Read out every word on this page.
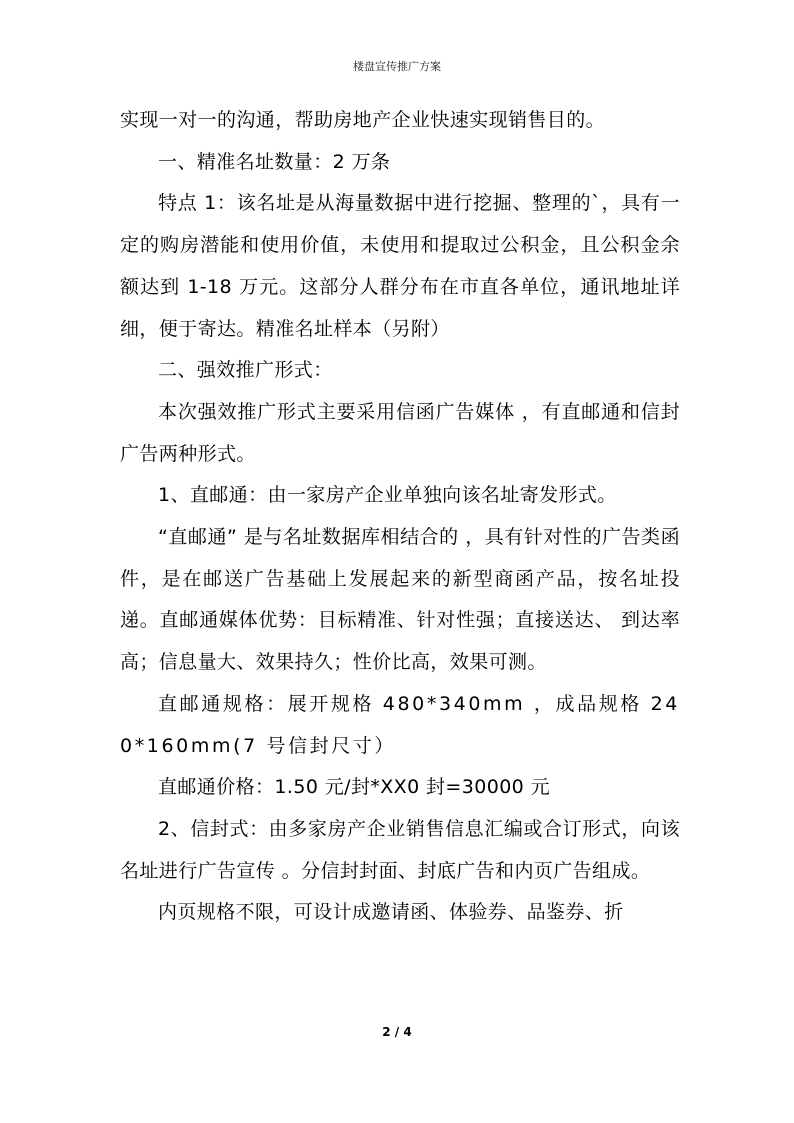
楼盘宣传推广方案

实现一对一的沟通，帮助房地产企业快速实现销售目的。

一、精准名址数量：2 万条

特点 1：该名址是从海量数据中进行挖掘、整理的`，具有一定的购房潜能和使用价值，未使用和提取过公积金，且公积金余额达到 1-18 万元。这部分人群分布在市直各单位，通讯地址详细，便于寄达。精准名址样本（另附）

二、强效推广形式：

本次强效推广形式主要采用信函广告媒体 ，有直邮通和信封广告两种形式。

1、直邮通：由一家房产企业单独向该名址寄发形式。

“直邮通” 是与名址数据库相结合的 ，具有针对性的广告类函件，是在邮送广告基础上发展起来的新型商函产品，按名址投递。直邮通媒体优势：目标精准、针对性强；直接送达、 到达率高；信息量大、效果持久；性价比高，效果可测。

直邮通规格：展开规格 480*340mm ，成品规格 240*160mm(7 号信封尺寸）

直邮通价格：1.50 元/封*XX0 封=30000 元

2、信封式：由多家房产企业销售信息汇编或合订形式，向该名址进行广告宣传 。分信封封面、封底广告和内页广告组成。

内页规格不限，可设计成邀请函、体验券、品鉴券、折

2 / 4
